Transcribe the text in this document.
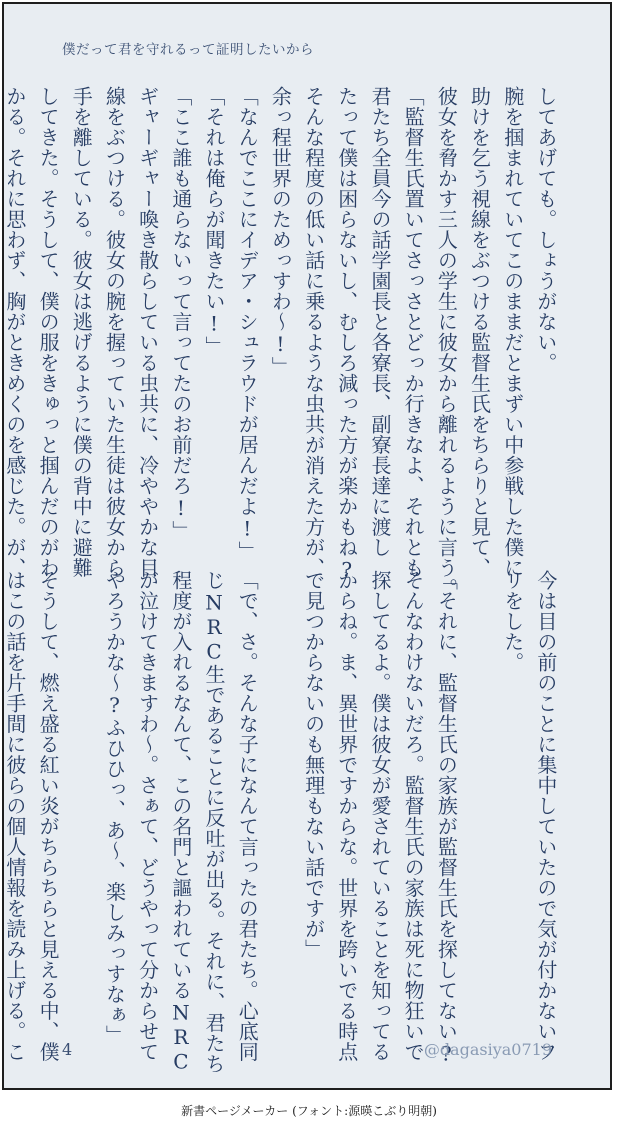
僕だって君を守れるって証明したいから
してあげても。しょうがない。
腕を掴まれていてこのままだとまずい中参戦した僕に
助けを乞う視線をぶつける監督生氏をちらりと見て、
彼女を脅かす三人の学生に彼女から離れるように言う。
「監督生氏置いてさっさとどっか行きなよ、それとも
君たち全員今の話学園長と各寮長、副寮長達に渡し
たって僕は困らないし、むしろ減った方が楽かもね?
そんな程度の低い話に乗るような虫共が消えた方が、
余っ程世界のためっすわ〜!」
「なんでここにイデア・シュラウドが居んだよ!」
「それは俺らが聞きたい!」
「ここ誰も通らないって言ってたのお前だろ!」
ギャーギャー喚き散らしている虫共に、冷ややかな目
線をぶつける。彼女の腕を握っていた生徒は彼女から
手を離している。彼女は逃げるように僕の背中に避難
してきた。そうして、僕の服をきゅっと掴んだのがわ
かる。それに思わず、胸がときめくのを感じた。が、
今は目の前のことに集中していたので気が付かないフ
リをした。
「それに、監督生氏の家族が監督生氏を探してない?
そんなわけないだろ。監督生氏の家族は死に物狂いで
探してるよ。僕は彼女が愛されていることを知ってる
からね。ま、異世界ですからな。世界を跨いでる時点
で見つからないのも無理もない話ですが」
「で、さ。そんな子になんて言ったの君たち。心底同
じNRC生であることに反吐が出る。それに、君たち
程度が入れるなんて、この名門と謳われているNRC
が泣けてきますわ〜。さぁて、どうやって分からせて
やろうかな〜?ふひひっ、あ〜、楽しみっすなぁ」
そうして、燃え盛る紅い炎がちらちらと見える中、僕
はこの話を片手間に彼らの個人情報を読み上げる。こ 4	@dagasiya0719
新書ページメーカー (フォント:源暎こぶり明朝)
